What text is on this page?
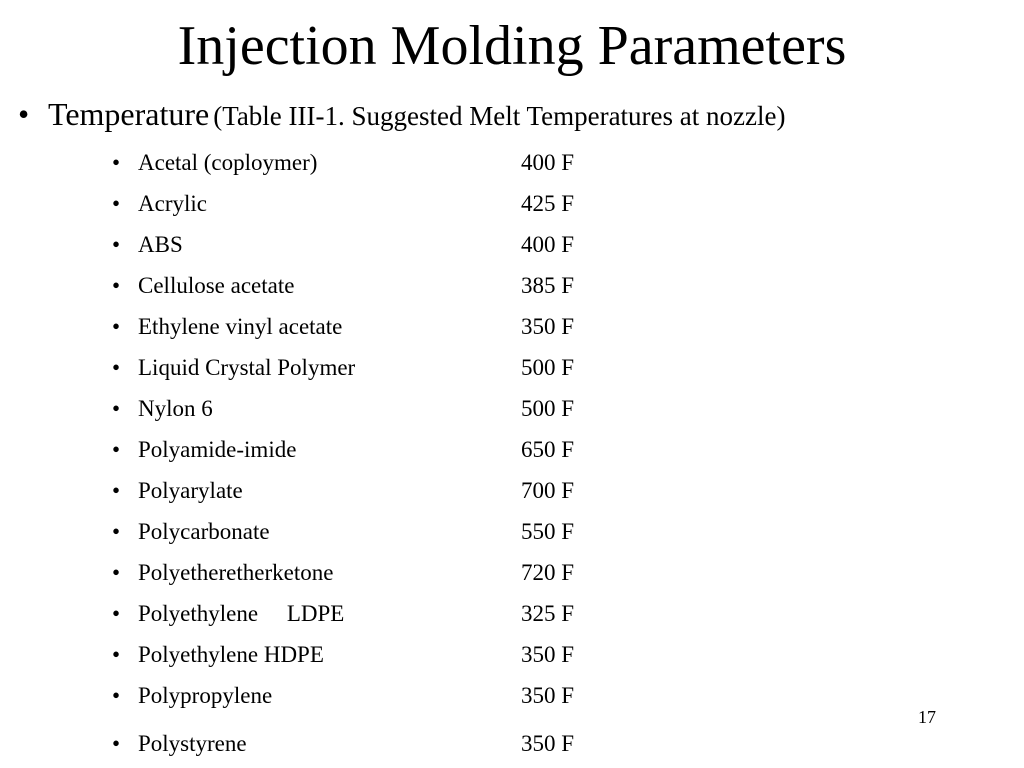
Injection Molding Parameters
• Temperature (Table III-1. Suggested Melt Temperatures at nozzle)
• Acetal (coploymer)	400 F
• Acrylic	425 F
• ABS	400 F
• Cellulose acetate	385 F
• Ethylene vinyl acetate	350 F
• Liquid Crystal Polymer	500 F
• Nylon 6	500 F
• Polyamide-imide	650 F
• Polyarylate	700 F
• Polycarbonate	550 F
• Polyetheretherketone	720 F
• Polyethylene     LDPE	325 F
• Polyethylene HDPE	350 F
• Polypropylene	350 F
• Polystyrene	350 F
17
